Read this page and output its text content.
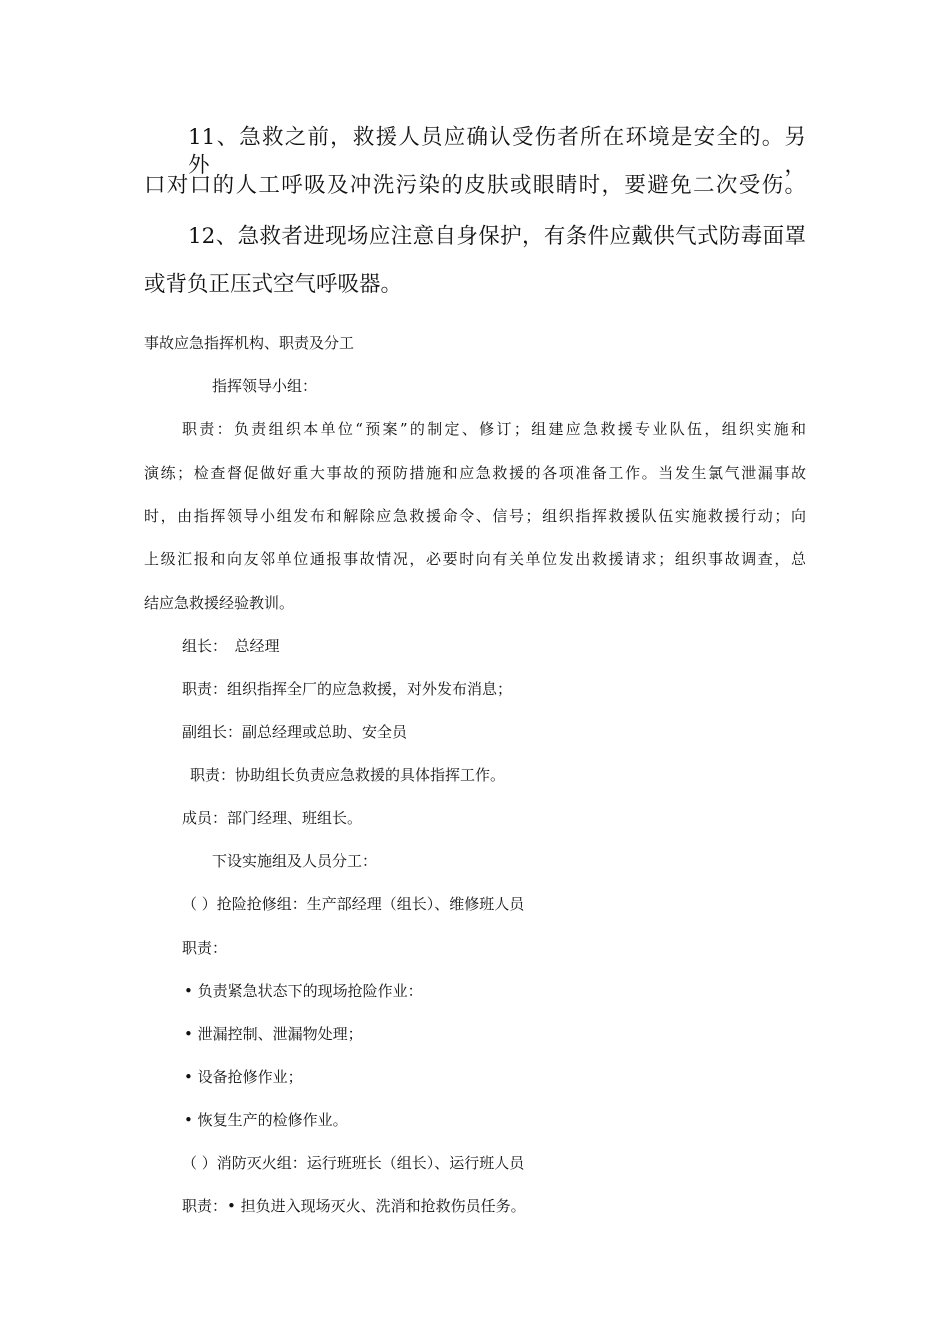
11、急救之前，救援人员应确认受伤者所在环境是安全的。另外，

口对口的人工呼吸及冲洗污染的皮肤或眼睛时，要避免二次受伤。

12、急救者进现场应注意自身保护，有条件应戴供气式防毒面罩

或背负正压式空气呼吸器。

事故应急指挥机构、职责及分工

指挥领导小组：

职责：负责组织本单位“预案”的制定、修订；组建应急救援专业队伍，组织实施和

演练；检查督促做好重大事故的预防措施和应急救援的各项准备工作。当发生氯气泄漏事故

时，由指挥领导小组发布和解除应急救援命令、信号；组织指挥救援队伍实施救援行动；向

上级汇报和向友邻单位通报事故情况，必要时向有关单位发出救援请求；组织事故调查，总

结应急救援经验教训。

组长：　总经理

职责：组织指挥全厂的应急救援，对外发布消息；

副组长：副总经理或总助、安全员

职责：协助组长负责应急救援的具体指挥工作。

成员：部门经理、班组长。

下设实施组及人员分工：

（ ）抢险抢修组：生产部经理（组长）、维修班人员

职责：

• 负责紧急状态下的现场抢险作业：

• 泄漏控制、泄漏物处理；

• 设备抢修作业；

• 恢复生产的检修作业。

（ ）消防灭火组：运行班班长（组长）、运行班人员

职责：• 担负进入现场灭火、洗消和抢救伤员任务。
